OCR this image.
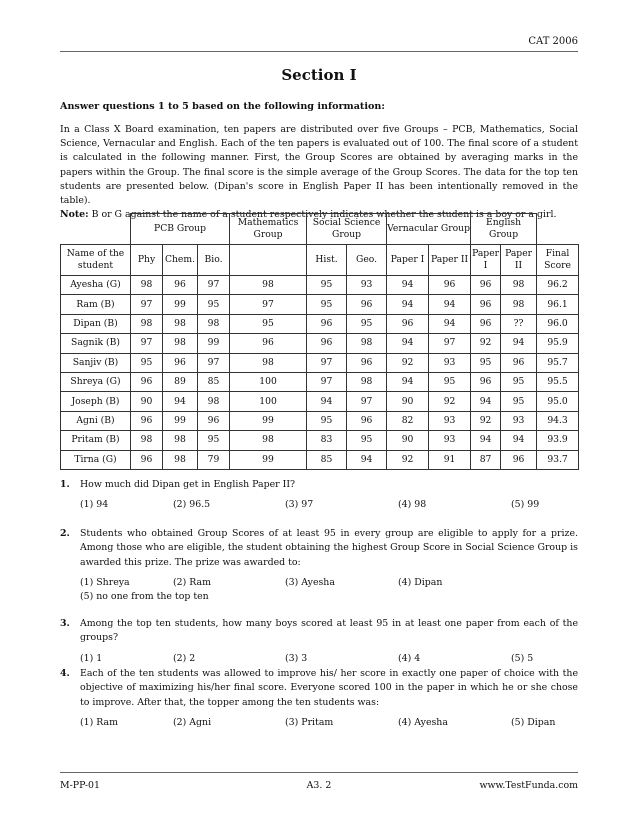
CAT 2006
Section I
Answer questions 1 to 5 based on the following information:
In a Class X Board examination, ten papers are distributed over five Groups – PCB, Mathematics, Social Science, Vernacular and English. Each of the ten papers is evaluated out of 100. The final score of a student is calculated in the following manner. First, the Group Scores are obtained by averaging marks in the papers within the Group. The final score is the simple average of the Group Scores. The data for the top ten students are presented below. (Dipan's score in English Paper II has been intentionally removed in the table).
Note: B or G against the name of a student respectively indicates whether the student is a boy or a girl.
	PCB Group			Mathematics Group	Social Science Group		Vernacular Group		English Group		
Name of the student	Phy	Chem.	Bio.		Hist.	Geo.	Paper I	Paper II	Paper I	Paper II	Final Score
Ayesha (G)	98	96	97	98	95	93	94	96	96	98	96.2
Ram (B)	97	99	95	97	95	96	94	94	96	98	96.1
Dipan (B)	98	98	98	95	96	95	96	94	96	??	96.0
Sagnik (B)	97	98	99	96	96	98	94	97	92	94	95.9
Sanjiv (B)	95	96	97	98	97	96	92	93	95	96	95.7
Shreya (G)	96	89	85	100	97	98	94	95	96	95	95.5
Joseph (B)	90	94	98	100	94	97	90	92	94	95	95.0
Agni (B)	96	99	96	99	95	96	82	93	92	93	94.3
Pritam (B)	98	98	95	98	83	95	90	93	94	94	93.9
Tirna (G)	96	98	79	99	85	94	92	91	87	96	93.7
1. How much did Dipan get in English Paper II?
(1) 94	(2) 96.5	(3) 97	(4) 98	(5) 99
2. Students who obtained Group Scores of at least 95 in every group are eligible to apply for a prize. Among those who are eligible, the student obtaining the highest Group Score in Social Science Group is awarded this prize. The prize was awarded to:
(1) Shreya	(2) Ram	(3) Ayesha	(4) Dipan
(5) no one from the top ten
3. Among the top ten students, how many boys scored at least 95 in at least one paper from each of the groups?
(1) 1	(2) 2	(3) 3	(4) 4	(5) 5
4. Each of the ten students was allowed to improve his/ her score in exactly one paper of choice with the objective of maximizing his/her final score. Everyone scored 100 in the paper in which he or she chose to improve. After that, the topper among the ten students was:
(1) Ram	(2) Agni	(3) Pritam	(4) Ayesha	(5) Dipan
M-PP-01	A3. 2	www.TestFunda.com
